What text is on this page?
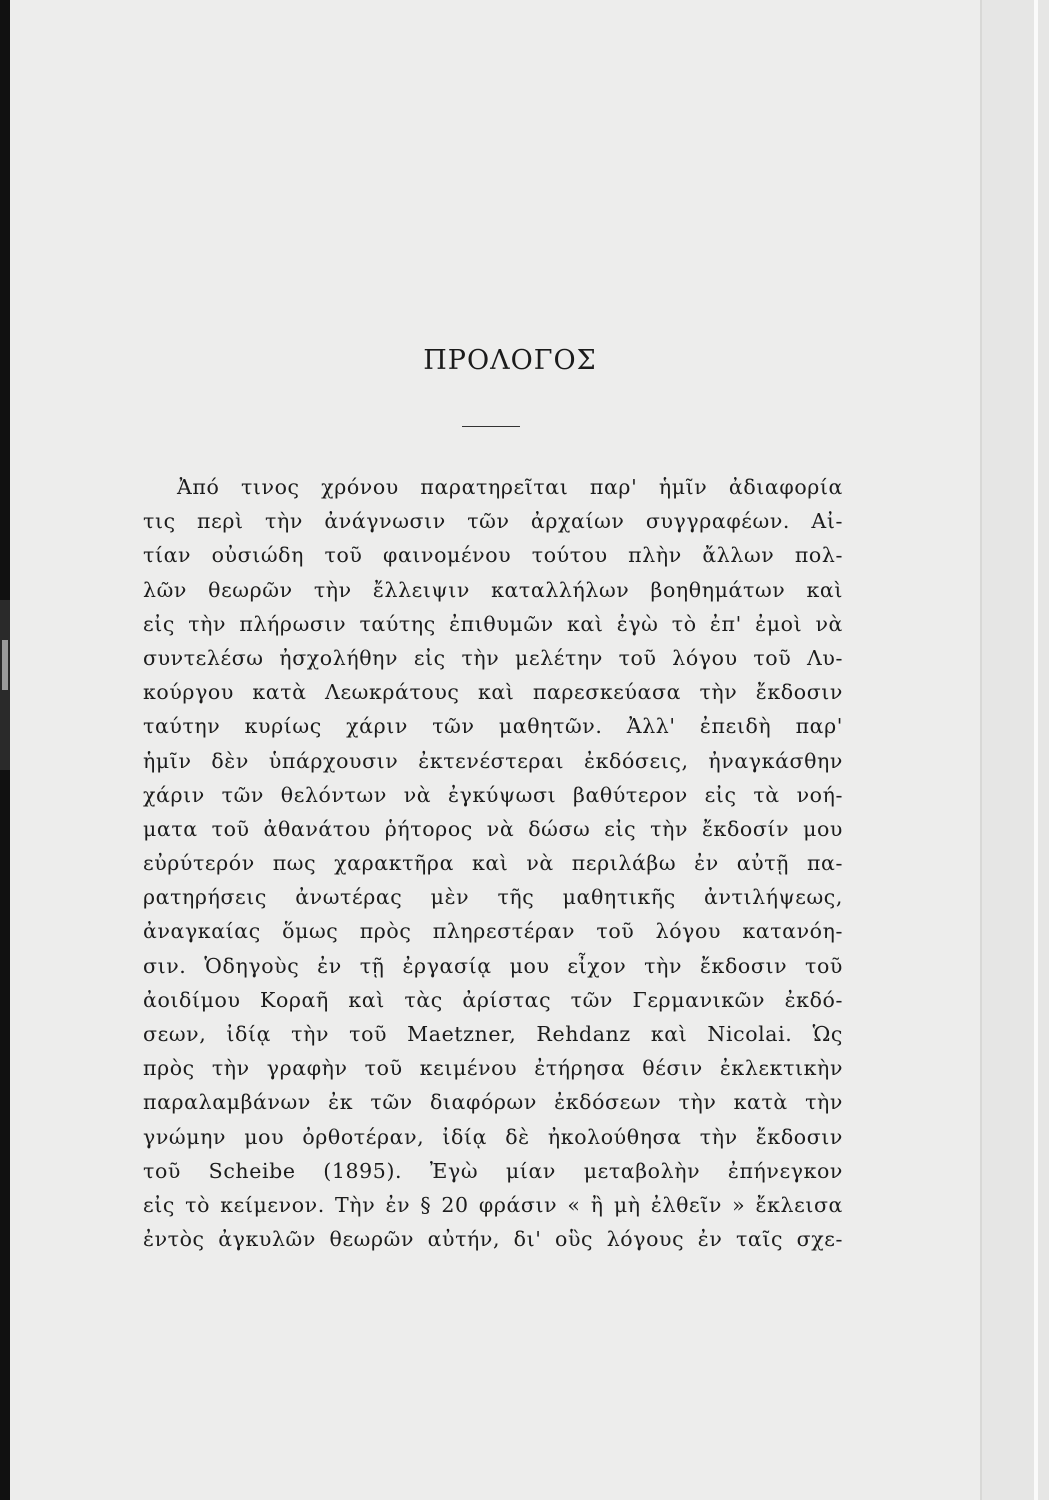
ΠΡΟΛΟΓΟΣ
Ἀπό τινος χρόνου παρατηρεῖται παρ' ἡμῖν ἀδιαφορία
τις περὶ τὴν ἀνάγνωσιν τῶν ἀρχαίων συγγραφέων. Αἰ-
τίαν οὐσιώδη τοῦ φαινομένου τούτου πλὴν ἄλλων πολ-
λῶν θεωρῶν τὴν ἔλλειψιν καταλλήλων βοηθημάτων καὶ
εἰς τὴν πλήρωσιν ταύτης ἐπιθυμῶν καὶ ἐγὼ τὸ ἐπ' ἐμοὶ νὰ
συντελέσω ἠσχολήθην εἰς τὴν μελέτην τοῦ λόγου τοῦ Λυ-
κούργου κατὰ Λεωκράτους καὶ παρεσκεύασα τὴν ἔκδοσιν
ταύτην κυρίως χάριν τῶν μαθητῶν. Ἀλλ' ἐπειδὴ παρ'
ἡμῖν δὲν ὑπάρχουσιν ἐκτενέστεραι ἐκδόσεις, ἠναγκάσθην
χάριν τῶν θελόντων νὰ ἐγκύψωσι βαθύτερον εἰς τὰ νοή-
ματα τοῦ ἀθανάτου ῥήτορος νὰ δώσω εἰς τὴν ἔκδοσίν μου
εὐρύτερόν πως χαρακτῆρα καὶ νὰ περιλάβω ἐν αὐτῇ πα-
ρατηρήσεις ἀνωτέρας μὲν τῆς μαθητικῆς ἀντιλήψεως,
ἀναγκαίας ὅμως πρὸς πληρεστέραν τοῦ λόγου κατανόη-
σιν. Ὁδηγοὺς ἐν τῇ ἐργασίᾳ μου εἶχον τὴν ἔκδοσιν τοῦ
ἀοιδίμου Κοραῆ καὶ τὰς ἀρίστας τῶν Γερμανικῶν ἐκδό-
σεων, ἰδίᾳ τὴν τοῦ Maetzner, Rehdanz καὶ Nicolai. Ὡς
πρὸς τὴν γραφὴν τοῦ κειμένου ἐτήρησα θέσιν ἐκλεκτικὴν
παραλαμβάνων ἐκ τῶν διαφόρων ἐκδόσεων τὴν κατὰ τὴν
γνώμην μου ὀρθοτέραν, ἰδίᾳ δὲ ἠκολούθησα τὴν ἔκδοσιν
τοῦ Scheibe (1895). Ἐγὼ μίαν μεταβολὴν ἐπήνεγκον
εἰς τὸ κείμενον. Τὴν ἐν § 20 φράσιν « ἢ μὴ ἐλθεῖν » ἔκλεισα
ἐντὸς ἀγκυλῶν θεωρῶν αὐτήν, δι' οὓς λόγους ἐν ταῖς σχε-
